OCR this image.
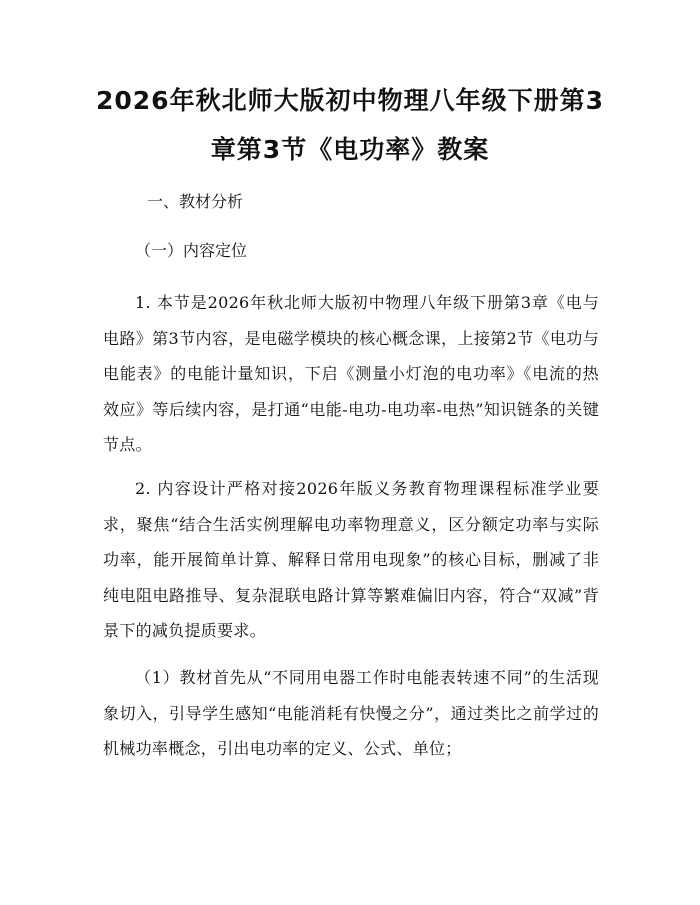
2026年秋北师大版初中物理八年级下册第3
章第3节《电功率》教案
一、教材分析
（一）内容定位
1. 本节是2026年秋北师大版初中物理八年级下册第3章《电与电路》第3节内容，是电磁学模块的核心概念课，上接第2节《电功与电能表》的电能计量知识，下启《测量小灯泡的电功率》《电流的热效应》等后续内容，是打通“电能-电功-电功率-电热”知识链条的关键节点。
2. 内容设计严格对接2026年版义务教育物理课程标准学业要求，聚焦“结合生活实例理解电功率物理意义，区分额定功率与实际功率，能开展简单计算、解释日常用电现象”的核心目标，删减了非纯电阻电路推导、复杂混联电路计算等繁难偏旧内容，符合“双减”背景下的减负提质要求。
（1）教材首先从“不同用电器工作时电能表转速不同”的生活现象切入，引导学生感知“电能消耗有快慢之分”，通过类比之前学过的机械功率概念，引出电功率的定义、公式、单位；
